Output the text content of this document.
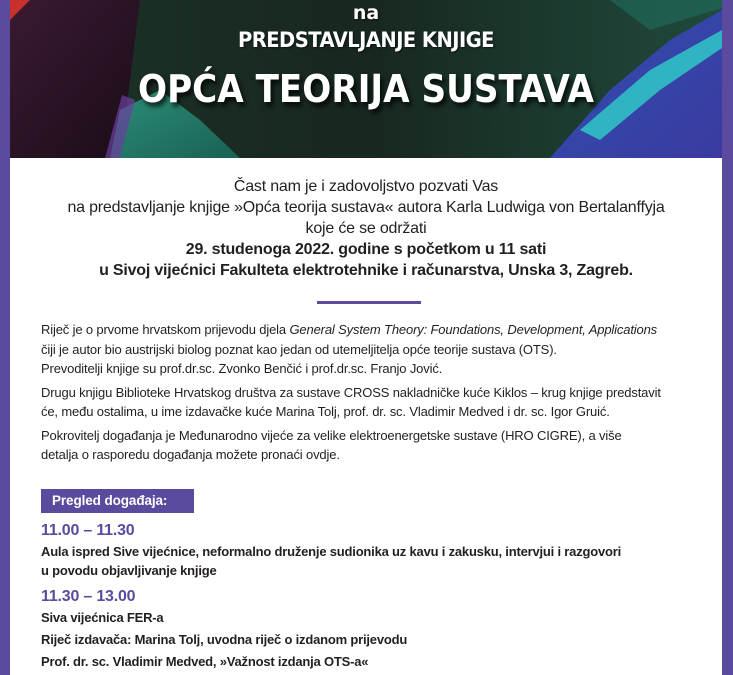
na
PREDSTAVLJANJE KNJIGE
OPĆA TEORIJA SUSTAVA
Čast nam je i zadovoljstvo pozvati Vas
na predstavljanje knjige »Opća teorija sustava« autora Karla Ludwiga von Bertalanffyja
koje će se održati
29. studenoga 2022. godine s početkom u 11 sati
u Sivoj vijećnici Fakulteta elektrotehnike i računarstva, Unska 3, Zagreb.
Riječ je o prvome hrvatskom prijevodu djela General System Theory: Foundations, Development, Applications
čiji je autor bio austrijski biolog poznat kao jedan od utemeljitelja opće teorije sustava (OTS).
Prevoditelji knjige su prof.dr.sc. Zvonko Benčić i prof.dr.sc. Franjo Jović.
Drugu knjigu Biblioteke Hrvatskog društva za sustave CROSS nakladničke kuće Kiklos – krug knjige predstavit
će, među ostalima, u ime izdavačke kuće Marina Tolj, prof. dr. sc. Vladimir Medved i dr. sc. Igor Gruić.
Pokrovitelj događanja je Međunarodno vijeće za velike elektroenergetske sustave (HRO CIGRE), a više
detalja o rasporedu događanja možete pronaći ovdje.
Pregled događaja:
11.00 – 11.30
Aula ispred Sive vijećnice, neformalno druženje sudionika uz kavu i zakusku, intervjui i razgovori
u povodu objavljivanje knjige
11.30 – 13.00
Siva vijećnica FER-a
Riječ izdavača: Marina Tolj, uvodna riječ o izdanom prijevodu
Prof. dr. sc. Vladimir Medved, »Važnost izdanja OTS-a«
